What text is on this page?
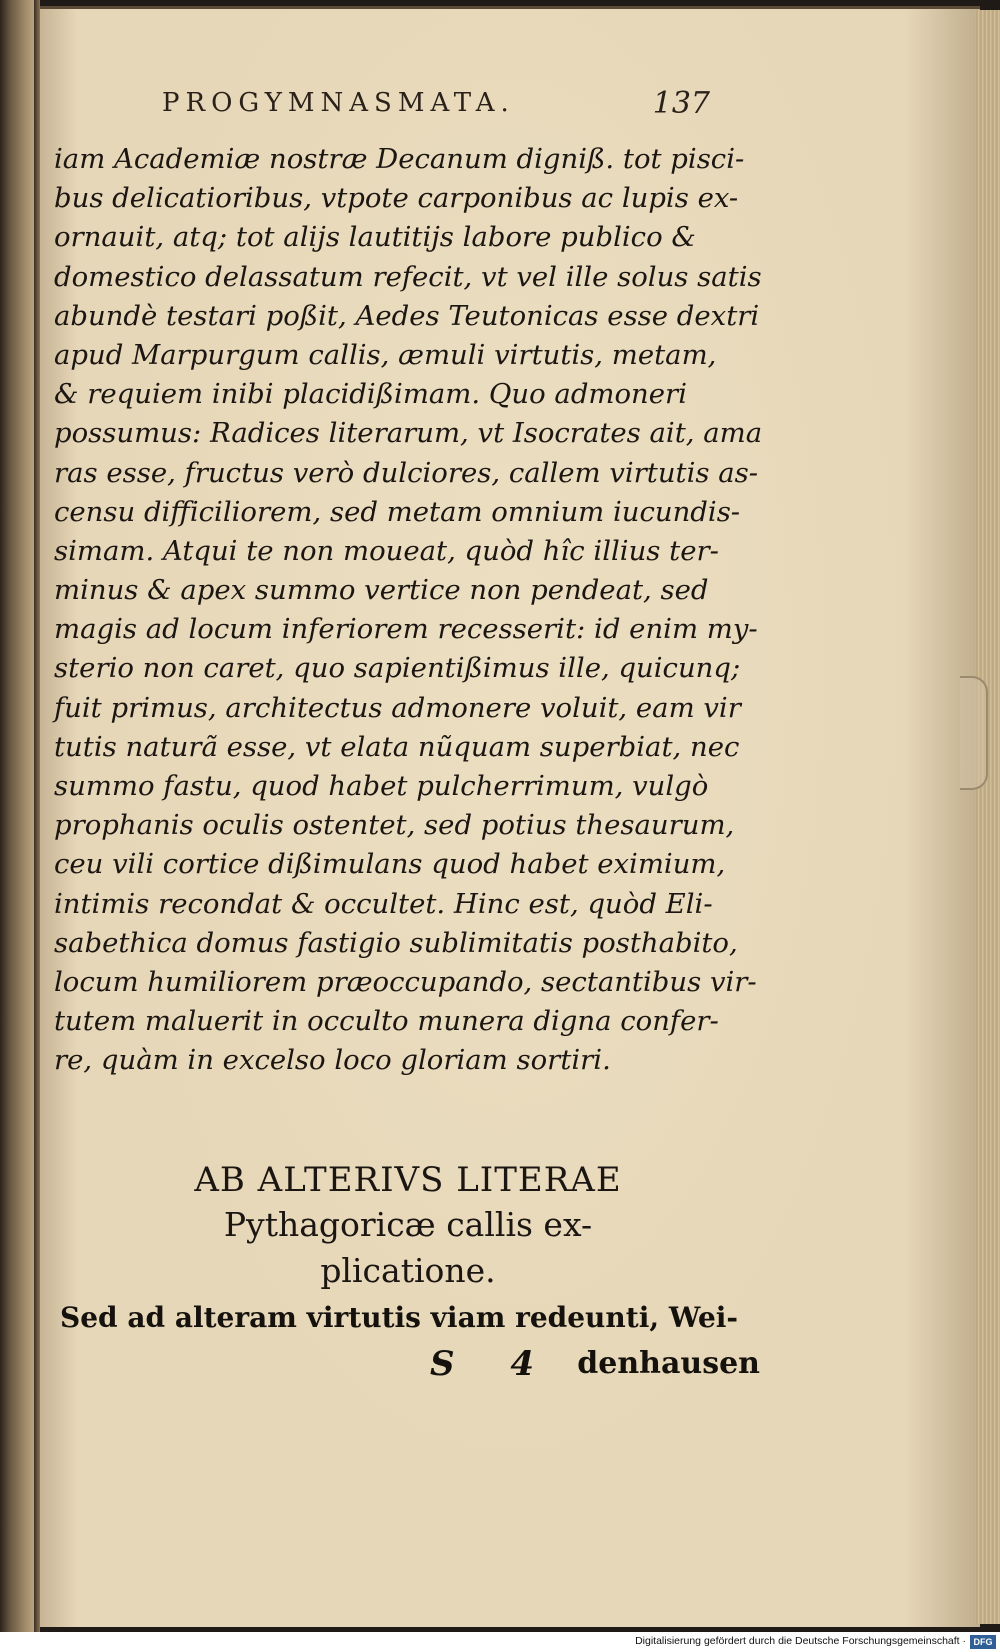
PROGYMNASMATA.	137
iam Academiæ nostræ Decanum digniß. tot pisci-
bus delicatioribus, vtpote carponibus ac lupis ex-
ornauit, atq; tot aliјs lautitiјs labore publico &
domestico delassatum refecit, vt vel ille solus satis
abundè testari poßit, Aedes Teutonicas esse dextri
apud Marpurgum callis, æmuli virtutis, metam,
& requiem inibi placidißimam. Quo admoneri
possumus: Radices literarum, vt Isocrates ait, ama
ras esse, fructus verò dulciores, callem virtutis as-
censu difficiliorem, sed metam omnium iucundis-
simam. Atqui te non moueat, quòd hîc illius ter-
minus & apex summo vertice non pendeat, sed
magis ad locum inferiorem recesserit: id enim my-
sterio non caret, quo sapientißimus ille, quicunq;
fuit primus, architectus admonere voluit, eam vir
tutis naturã esse, vt elata nũquam superbiat, nec
summo fastu, quod habet pulcherrimum, vulgò
prophanis oculis ostentet, sed potius thesaurum,
ceu vili cortice dißimulans quod habet eximium,
intimis recondat & occultet. Hinc est, quòd Eli-
sabethica domus fastigio sublimitatis posthabito,
locum humiliorem præoccupando, sectantibus vir-
tutem maluerit in occulto munera digna confer-
re, quàm in excelso loco gloriam sortiri.
AB ALTERIVS LITERAE
Pythagoricæ callis ex-
plicatione.
Sed ad alteram virtutis viam redeunti, Wei-
S 4 denhausen
Digitalisierung gefördert durch die Deutsche Forschungsgemeinschaft · DFG
